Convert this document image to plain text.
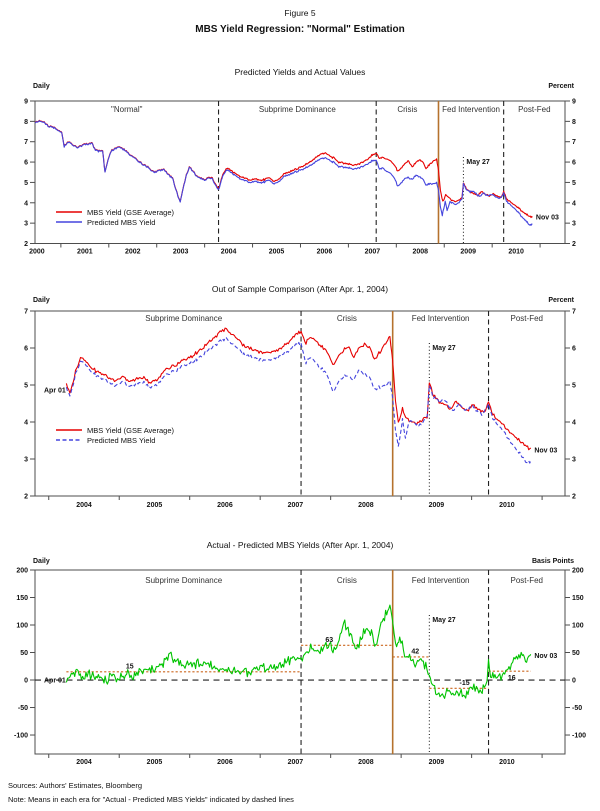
Figure 5
MBS Yield Regression: "Normal" Estimation
Predicted Yields and Actual Values
Daily	Percent
Out of Sample Comparison (After Apr. 1, 2004)
Daily	Percent
Actual - Predicted MBS Yields (After Apr. 1, 2004)
Daily	Basis Points
9	9
8	8
7	7
6	6
5	5
4	4
3	3
2	2
2000	2001	2002	2003	2004	2005	2006	2007	2008	2009	2010
May 27
"Normal"	Subprime Dominance	Crisis	Fed Intervention Post-Fed
Nov 03
MBS Yield (GSE Average)
Predicted MBS Yield
7	7
6	6
5	5
4	4
3	3
2	2
2004	2005	2006	2007	2008	2009	2010
May 27
Subprime Dominance	Crisis	Fed Intervention	Post-Fed
Apr 01
Nov 03
MBS Yield (GSE Average)
Predicted MBS Yield
200	200
150	150
100	100
50	50
0	0
-50	-50
-100	-100
2004	2005	2006	2007	2008	2009	2010
15
63
42
-15
16
May 27
Subprime Dominance	Crisis	Fed Intervention	Post-Fed
Apr 01
Nov 03
Sources: Authors' Estimates, Bloomberg
Note: Means in each era for "Actual - Predicted MBS Yields" indicated by dashed lines
